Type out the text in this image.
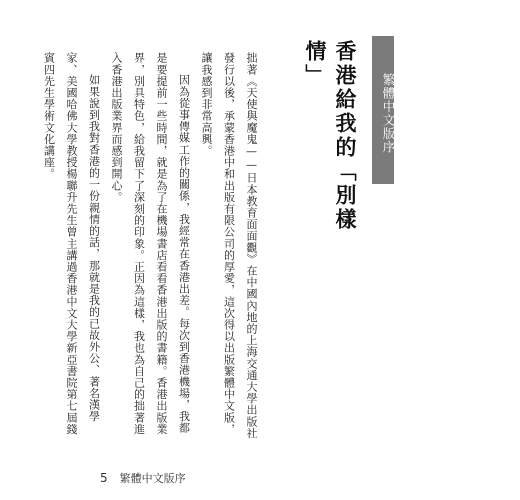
繁體中文版序
香港給我的「別樣情」

拙著《天使與魔鬼——日本教育面面觀》在中國內地的上海交通大學出版社發行以後，承蒙香港中和出版有限公司的厚愛，這次得以出版繁體中文版，讓我感到非常高興。

因為從事傳媒工作的關係，我經常在香港出差。每次到香港機場，我都是要提前一些時間，就是為了在機場書店看看香港出版的書籍。香港出版業界，別具特色，給我留下了深刻的印象。正因為這樣，我也為自己的拙著進入香港出版業界而感到開心。

如果說到我對香港的一份親情的話，那就是我的已故外公、著名漢學家、美國哈佛大學教授楊聯升先生曾主講過香港中文大學新亞書院第七屆錢賓四先生學術文化講座。

5 繁體中文版序
